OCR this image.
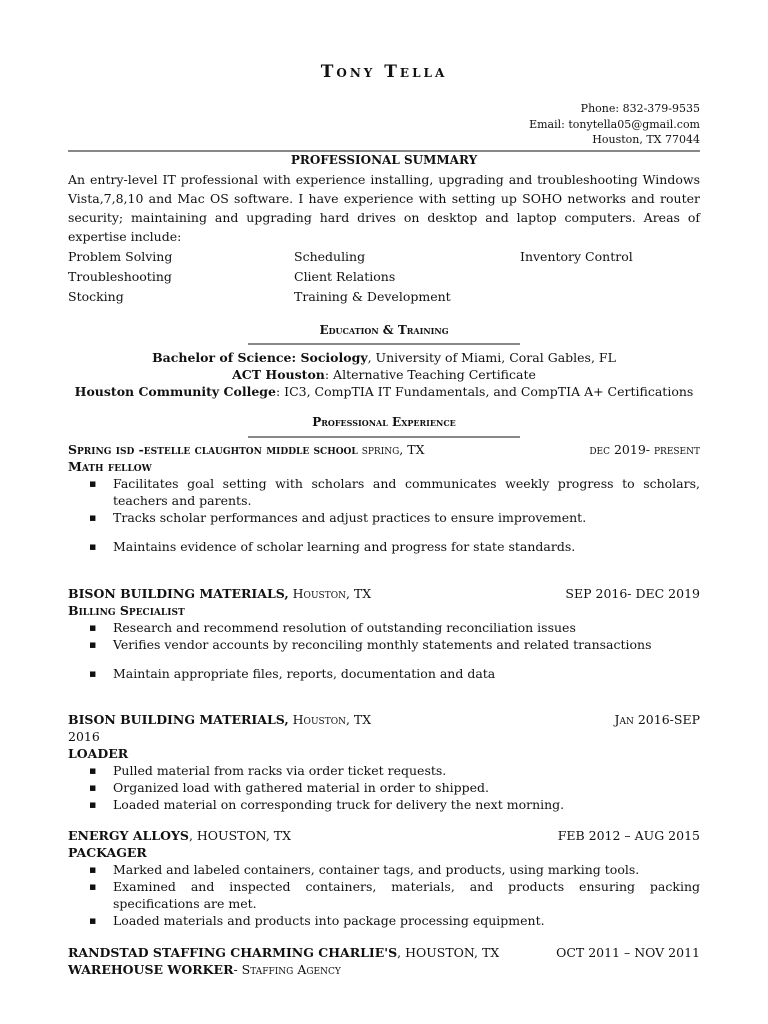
Tony Tella
Phone: 832-379-9535
Email: tonytella05@gmail.com
Houston, TX 77044
PROFESSIONAL SUMMARY
An entry-level IT professional with experience installing, upgrading and troubleshooting Windows Vista,7,8,10 and Mac OS software. I have experience with setting up SOHO networks and router security; maintaining and upgrading hard drives on desktop and laptop computers. Areas of expertise include:
Problem Solving	Scheduling	Inventory Control
Troubleshooting	Client Relations
Stocking	Training & Development
Education & Training
Bachelor of Science: Sociology, University of Miami, Coral Gables, FL
ACT Houston: Alternative Teaching Certificate
Houston Community College: IC3, CompTIA IT Fundamentals, and CompTIA A+ Certifications
Professional Experience
Spring isd -estelle claughton middle school spring, TX	dec 2019- present
Math fellow
▪ Facilitates goal setting with scholars and communicates weekly progress to scholars, teachers and parents.
▪ Tracks scholar performances and adjust practices to ensure improvement.
▪ Maintains evidence of scholar learning and progress for state standards.
BISON BUILDING MATERIALS, Houston, TX	SEP 2016- DEC 2019
Billing Specialist
▪ Research and recommend resolution of outstanding reconciliation issues
▪ Verifies vendor accounts by reconciling monthly statements and related transactions
▪ Maintain appropriate files, reports, documentation and data
BISON BUILDING MATERIALS, Houston, TX	Jan 2016-SEP
2016
LOADER
▪ Pulled material from racks via order ticket requests.
▪ Organized load with gathered material in order to shipped.
▪ Loaded material on corresponding truck for delivery the next morning.
ENERGY ALLOYS, HOUSTON, TX	FEB 2012 – AUG 2015
PACKAGER
▪ Marked and labeled containers, container tags, and products, using marking tools.
▪ Examined and inspected containers, materials, and products ensuring packing specifications are met.
▪ Loaded materials and products into package processing equipment.
RANDSTAD STAFFING CHARMING CHARLIE'S, HOUSTON, TX	OCT 2011 – NOV 2011
WAREHOUSE WORKER - Staffing Agency
